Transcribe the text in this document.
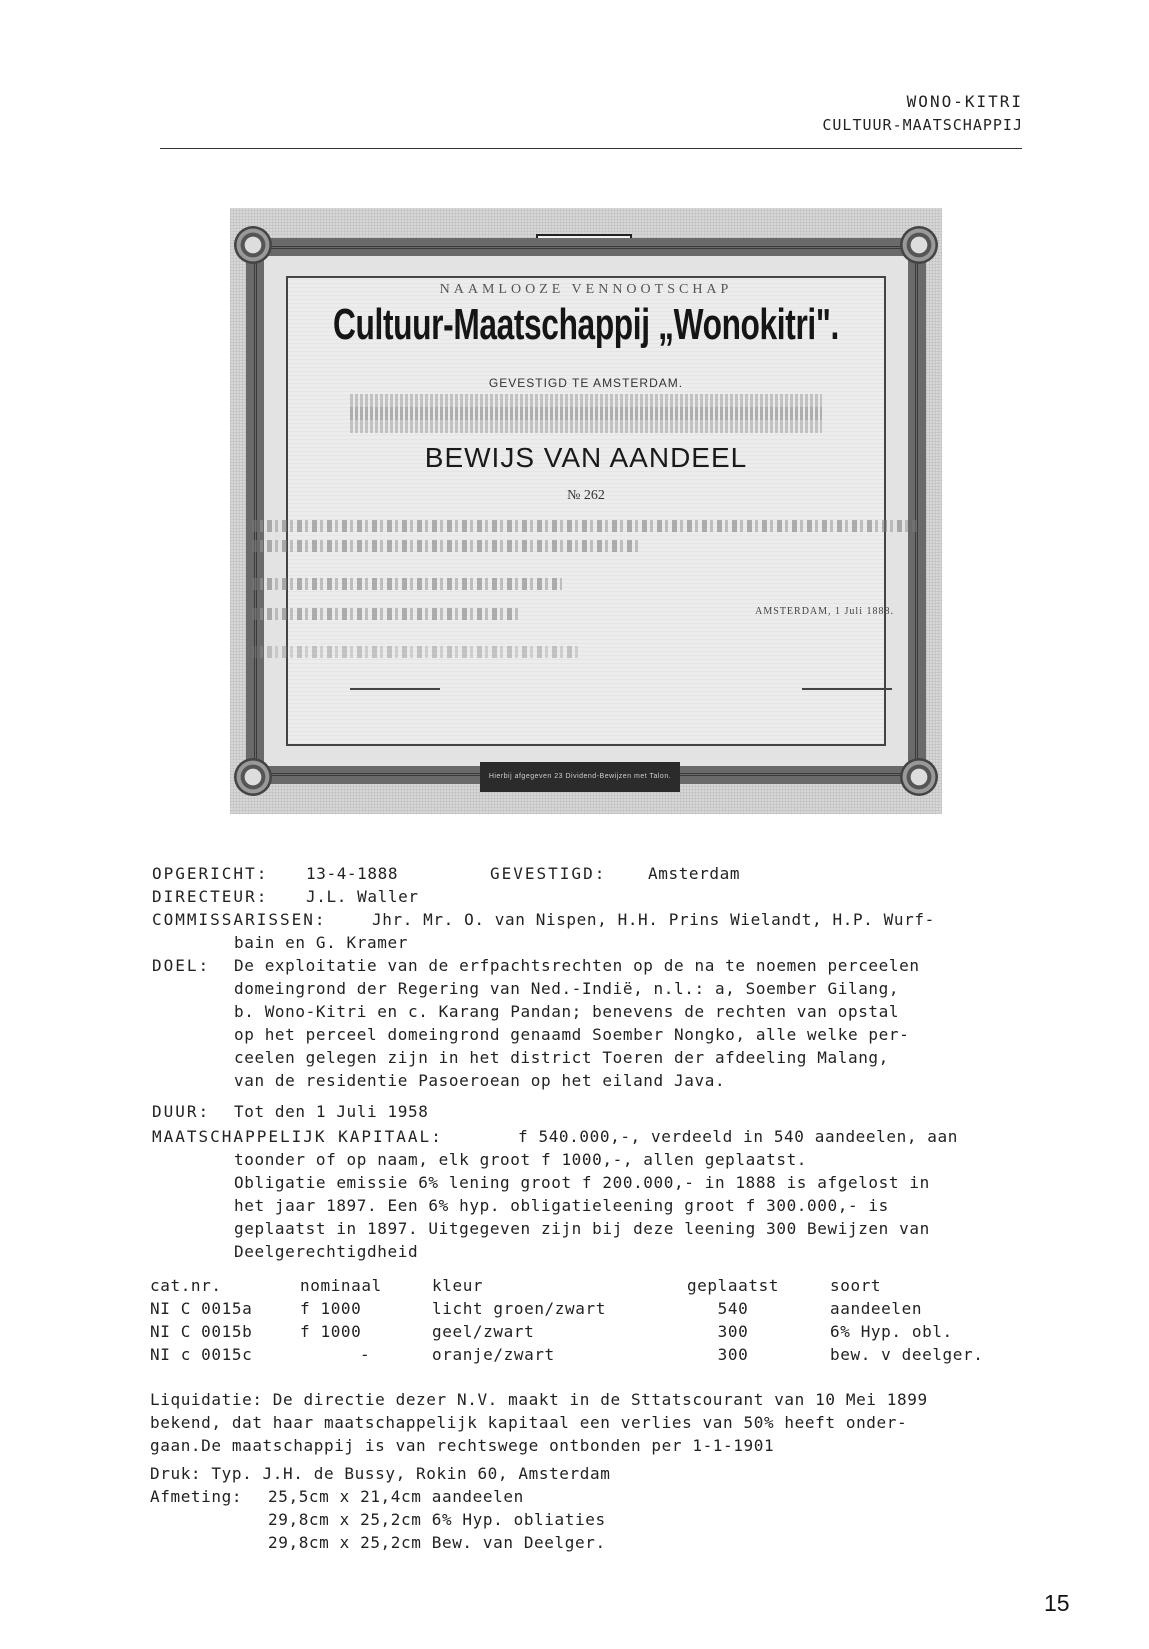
WONO-KITRI
CULTUUR-MAATSCHAPPIJ
NAAMLOOZE VENNOOTSCHAP
Cultuur-Maatschappij „Wonokitri".
GEVESTIGD TE AMSTERDAM.
BEWIJS VAN AANDEEL
№ 262
AMSTERDAM, 1 Juli 1888.
Hierbij afgegeven 23 Dividend-Bewijzen met Talon.
OPGERICHT: 13-4-1888	GEVESTIGD:	Amsterdam
DIRECTEUR: J.L. Waller
COMMISSARISSEN:	Jhr. Mr. O. van Nispen, H.H. Prins Wielandt, H.P. Wurf-
bain en G. Kramer
DOEL: De exploitatie van de erfpachtsrechten op de na te noemen perceelen
domeingrond der Regering van Ned.-Indië, n.l.: a, Soember Gilang,
b. Wono-Kitri en c. Karang Pandan; benevens de rechten van opstal
op het perceel domeingrond genaamd Soember Nongko, alle welke per-
ceelen gelegen zijn in het district Toeren der afdeeling Malang,
van de residentie Pasoeroean op het eiland Java.
DUUR: Tot den 1 Juli 1958
MAATSCHAPPELIJK KAPITAAL:	f 540.000,-, verdeeld in 540 aandeelen, aan
toonder of op naam, elk groot f 1000,-, allen geplaatst.
Obligatie emissie 6% lening groot f 200.000,- in 1888 is afgelost in
het jaar 1897. Een 6% hyp. obligatieleening groot f 300.000,- is
geplaatst in 1897. Uitgegeven zijn bij deze leening 300 Bewijzen van
Deelgerechtigdheid
cat.nr.	nominaal	kleur	geplaatst	soort
NI C 0015a	f 1000	licht groen/zwart	540	aandeelen
NI C 0015b	f 1000	geel/zwart	300	6% Hyp. obl.
NI c 0015c	-	oranje/zwart	300	bew. v deelger.
Liquidatie: De directie dezer N.V. maakt in de Sttatscourant van 10 Mei 1899
bekend, dat haar maatschappelijk kapitaal een verlies van 50% heeft onder-
gaan.De maatschappij is van rechtswege ontbonden per 1-1-1901
Druk: Typ. J.H. de Bussy, Rokin 60, Amsterdam
Afmeting: 25,5cm x 21,4cm aandeelen
29,8cm x 25,2cm 6% Hyp. obliaties
29,8cm x 25,2cm Bew. van Deelger.
15
